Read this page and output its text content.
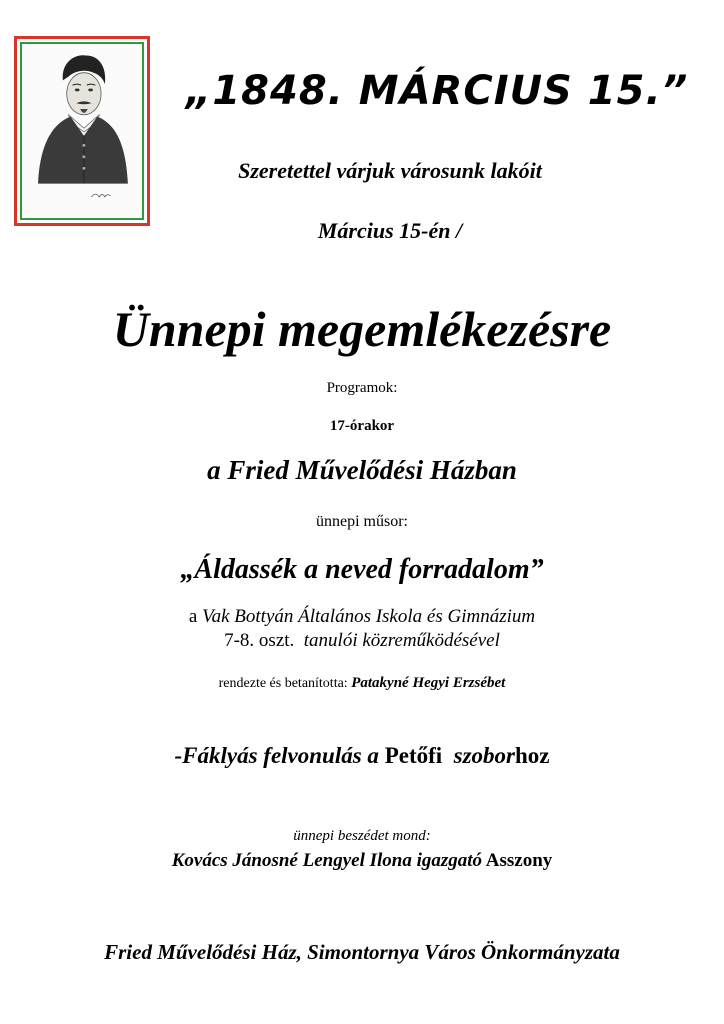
„1848. MÁRCIUS 15.”
Szeretettel várjuk városunk lakóit
Március 15-én /
Ünnepi megemlékezésre
Programok:
17-órakor
a Fried Művelődési Házban
ünnepi műsor:
„Áldassék a neved forradalom”
a Vak Bottyán Általános Iskola és Gimnázium
7-8. oszt. tanulói közreműködésével
rendezte és betanította: Patakyné Hegyi Erzsébet
-Fáklyás felvonulás a Petőfi szoborhoz
ünnepi beszédet mond:
Kovács Jánosné Lengyel Ilona igazgató Asszony
Fried Művelődési Ház, Simontornya Város Önkormányzata
